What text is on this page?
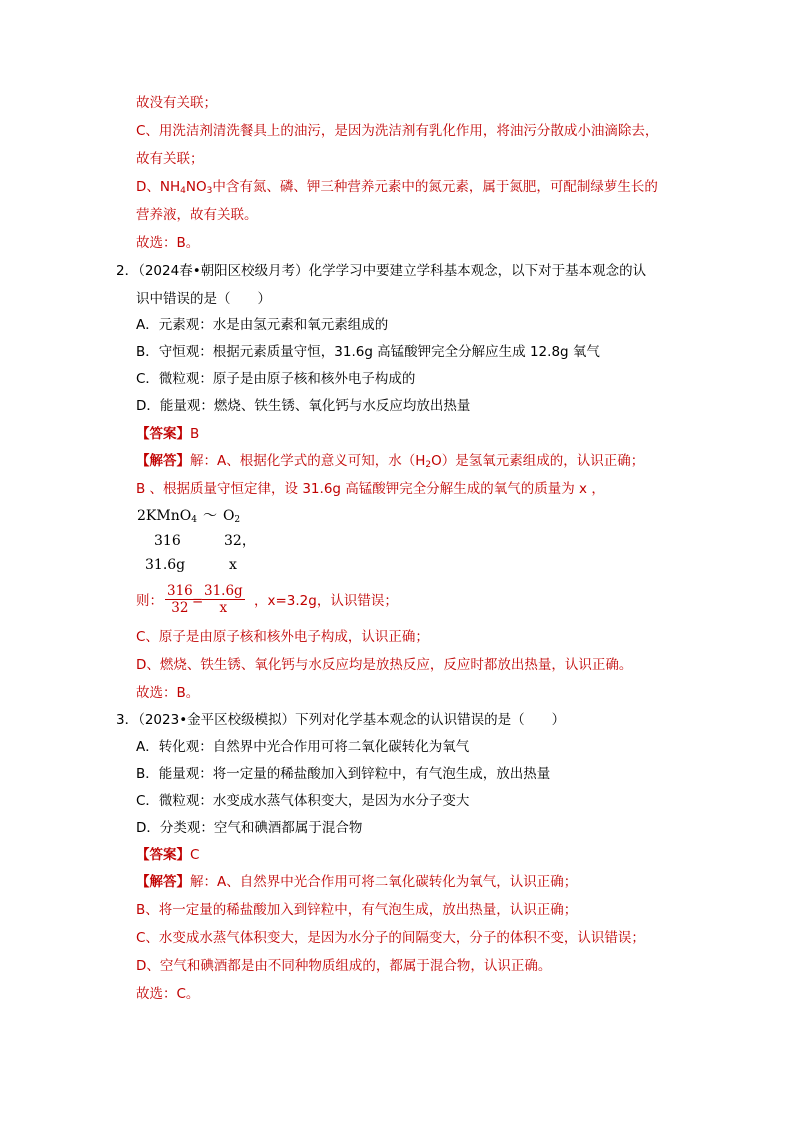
故没有关联；
C、用洗洁剂清洗餐具上的油污，是因为洗洁剂有乳化作用，将油污分散成小油滴除去，
故有关联；
D、$NH_4NO_3$中含有氮、磷、钾三种营养元素中的氮元素，属于氮肥，可配制绿萝生长的
营养液，故有关联。
故选：B。
2．（2024春•朝阳区校级月考）化学学习中要建立学科基本观念，以下对于基本观念的认
识中错误的是（　　）
A．元素观：水是由氢元素和氧元素组成的
B．守恒观：根据元素质量守恒，31.6g 高锰酸钾完全分解应生成 12.8g 氧气
C．微粒观：原子是由原子核和核外电子构成的
D．能量观：燃烧、铁生锈、氧化钙与水反应均放出热量
【答案】B
【解答】解：A、根据化学式的意义可知，水$(H_2O)$是氢氧元素组成的，认识正确；
B 、根据质量守恒定律，设 31.6g 高锰酸钾完全分解生成的氧气的质量为 x ，
2KMnO$_4$ ～ $O_2$
316	32，
31.6g	x
则： $\frac{316}{32}$
=
$\frac{31.6g}{x}$ ，x=3.2g，认识错误；
C、原子是由原子核和核外电子构成，认识正确；
D、燃烧、铁生锈、氧化钙与水反应均是放热反应，反应时都放出热量，认识正确。
故选：B。
3．（2023•金平区校级模拟）下列对化学基本观念的认识错误的是（　　）
A．转化观：自然界中光合作用可将二氧化碳转化为氧气
B．能量观：将一定量的稀盐酸加入到锌粒中，有气泡生成，放出热量
C．微粒观：水变成水蒸气体积变大，是因为水分子变大
D．分类观：空气和碘酒都属于混合物
【答案】C
【解答】解：A、自然界中光合作用可将二氧化碳转化为氧气，认识正确；
B、将一定量的稀盐酸加入到锌粒中，有气泡生成，放出热量，认识正确；
C、水变成水蒸气体积变大，是因为水分子的间隔变大，分子的体积不变，认识错误；
D、空气和碘酒都是由不同种物质组成的，都属于混合物，认识正确。
故选：C。
